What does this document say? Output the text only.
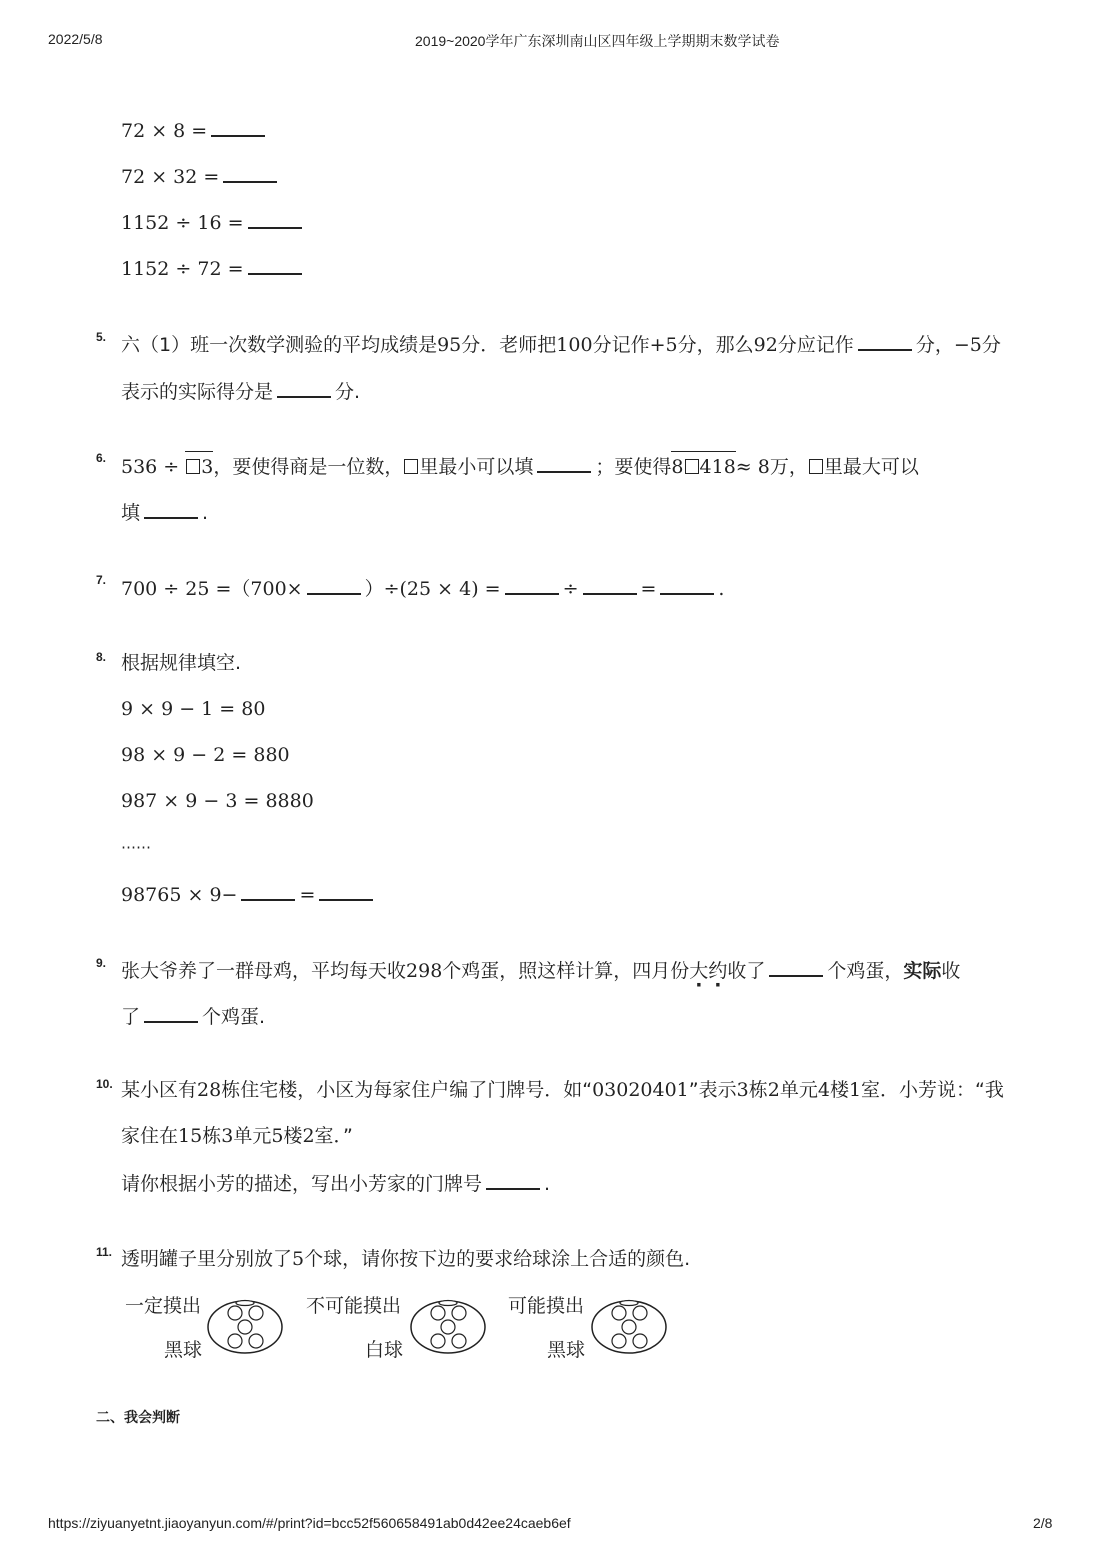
2022/5/8	2019~2020学年广东深圳南山区四年级上学期期末数学试卷
72 × 8 =
72 × 32 =
1152 ÷ 16 =
1152 ÷ 72 =
5. 六（1）班一次数学测验的平均成绩是95分．老师把100分记作+5分，那么92分应记作	分，−5分
表示的实际得分是	分.
6. 536 ÷ 3，要使得商是一位数， 里最小可以填	；要使得8 418≈ 8万， 里最大可以
填	.
7. 700 ÷ 25 =（700×	）÷(25 × 4) =	÷	=	.
8. 根据规律填空.
9 × 9 − 1 = 80
98 × 9 − 2 = 880
987 × 9 − 3 = 8880
⋯⋯
98765 × 9−	=
9. 张大爷养了一群母鸡，平均每天收298个鸡蛋，照这样计算，四月份大约收了	个鸡蛋，实际收
了	个鸡蛋.
10. 某小区有28栋住宅楼，小区为每家住户编了门牌号．如“03020401”表示3栋2单元4楼1室．小芳说：“我
家住在15栋3单元5楼2室．”
请你根据小芳的描述，写出小芳家的门牌号	.
11. 透明罐子里分别放了5个球，请你按下边的要求给球涂上合适的颜色.
一定摸出
黑球
不可能摸出
白球
可能摸出
黑球
二、我会判断
https://ziyuanyetnt.jiaoyanyun.com/#/print?id=bcc52f560658491ab0d42ee24caeb6ef	2/8
